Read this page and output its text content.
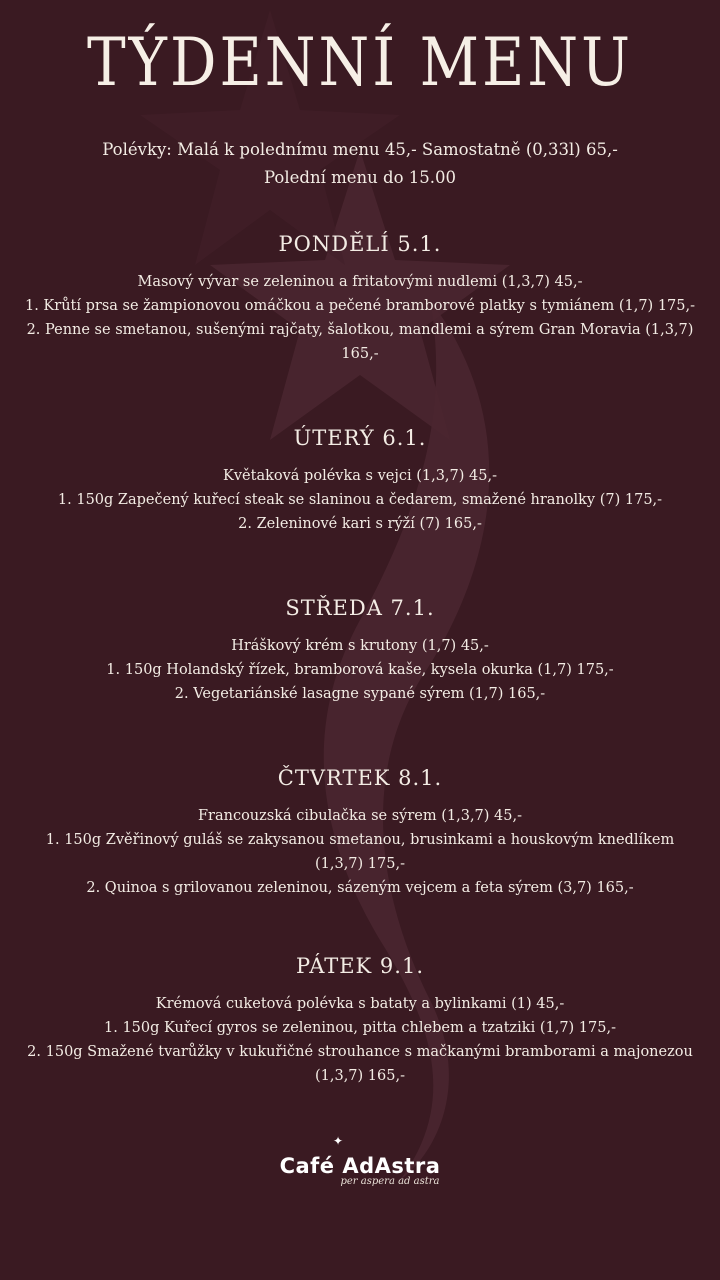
TÝDENNÍ MENU
Polévky: Malá k polednímu menu 45,- Samostatně (0,33l) 65,-
Polední menu do 15.00
PONDĚLÍ 5.1.
Masový vývar se zeleninou a fritatovými nudlemi (1,3,7) 45,-
1. Krůtí prsa se žampionovou omáčkou a pečené bramborové platky s tymiánem (1,7) 175,-
2. Penne se smetanou, sušenými rajčaty, šalotkou, mandlemi a sýrem Gran Moravia (1,3,7) 165,-
ÚTERÝ 6.1.
Květaková polévka s vejci (1,3,7) 45,-
1. 150g Zapečený kuřecí steak se slaninou a čedarem, smažené hranolky (7) 175,-
2. Zeleninové kari s rýží (7) 165,-
STŘEDA 7.1.
Hráškový krém s krutony (1,7) 45,-
1. 150g Holandský řízek, bramborová kaše, kysela okurka (1,7) 175,-
2. Vegetariánské lasagne sypané sýrem (1,7) 165,-
ČTVRTEK 8.1.
Francouzská cibulačka se sýrem (1,3,7) 45,-
1. 150g Zvěřinový guláš se zakysanou smetanou, brusinkami a houskovým knedlíkem (1,3,7) 175,-
2. Quinoa s grilovanou zeleninou, sázeným vejcem a feta sýrem (3,7) 165,-
PÁTEK 9.1.
Krémová cuketová polévka s bataty a bylinkami (1) 45,-
1. 150g Kuřecí gyros se zeleninou, pitta chlebem a tzatziki (1,7) 175,-
2. 150g Smažené tvarůžky v kukuřičné strouhance s mačkanými bramborami a majonezou (1,3,7) 165,-
✦
Café AdAstra
per aspera ad astra
